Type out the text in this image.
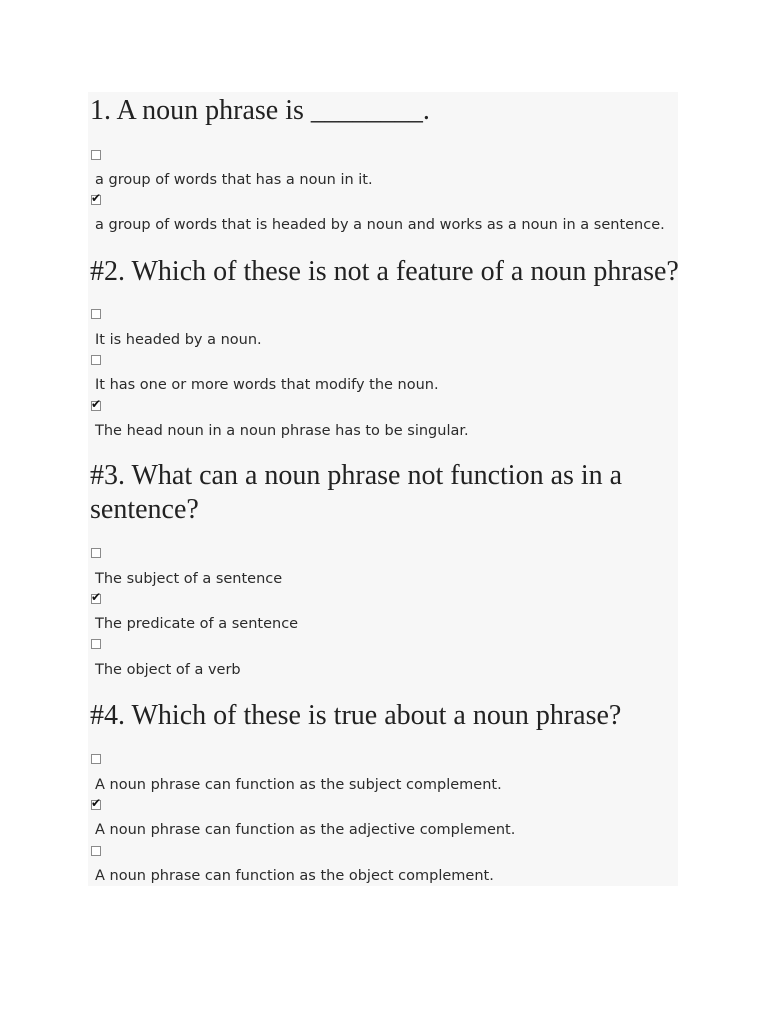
1. A noun phrase is ________.
a group of words that has a noun in it.
✔
a group of words that is headed by a noun and works as a noun in a sentence.
#2. Which of these is not a feature of a noun phrase?
It is headed by a noun.
It has one or more words that modify the noun.
✔
The head noun in a noun phrase has to be singular.
#3. What can a noun phrase not function as in a sentence?
The subject of a sentence
✔
The predicate of a sentence
The object of a verb
#4. Which of these is true about a noun phrase?
A noun phrase can function as the subject complement.
✔
A noun phrase can function as the adjective complement.
A noun phrase can function as the object complement.
